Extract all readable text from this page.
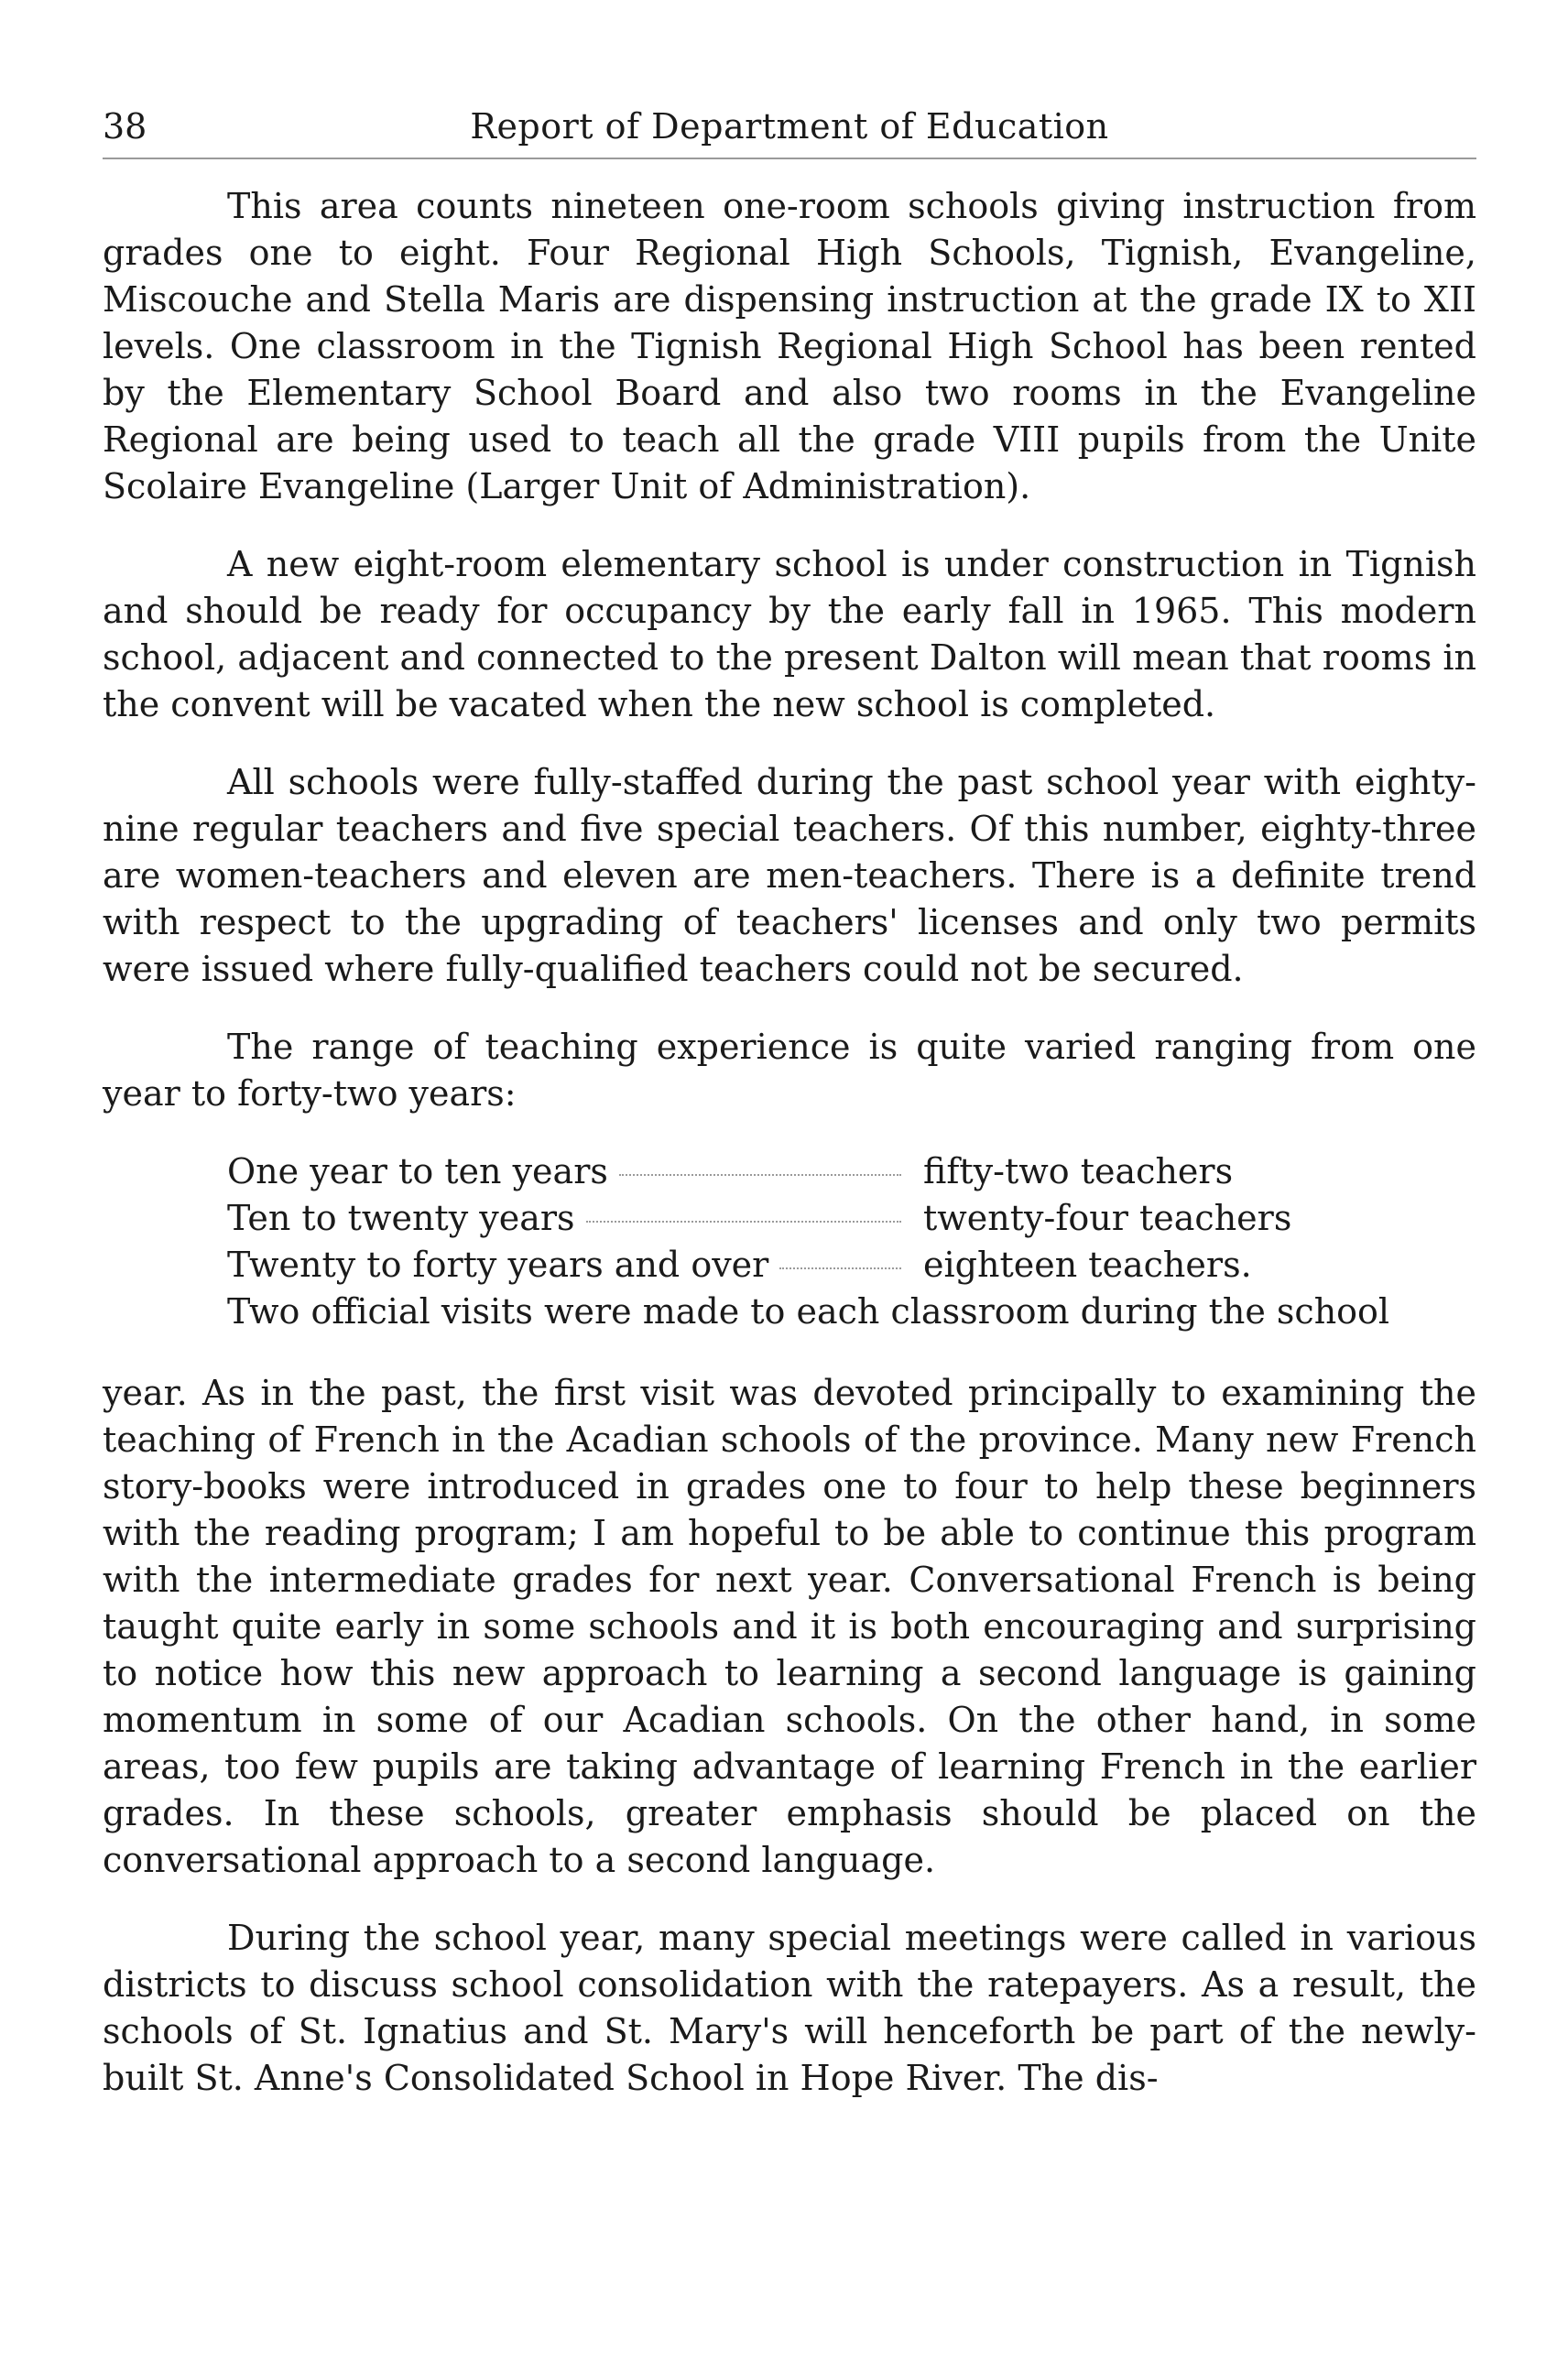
38	Report of Department of Education

This area counts nineteen one-room schools giving instruction from grades one to eight. Four Regional High Schools, Tignish, Evangeline, Miscouche and Stella Maris are dispensing instruction at the grade IX to XII levels. One classroom in the Tignish Regional High School has been rented by the Elementary School Board and also two rooms in the Evangeline Regional are being used to teach all the grade VIII pupils from the Unite Scolaire Evangeline (Larger Unit of Administration).

A new eight-room elementary school is under construction in Tignish and should be ready for occupancy by the early fall in 1965. This modern school, adjacent and connected to the present Dalton will mean that rooms in the convent will be vacated when the new school is completed.

All schools were fully-staffed during the past school year with eighty-nine regular teachers and five special teachers. Of this number, eighty-three are women-teachers and eleven are men-teachers. There is a definite trend with respect to the upgrading of teachers' licenses and only two permits were issued where fully-qualified teachers could not be secured.

The range of teaching experience is quite varied ranging from one year to forty-two years:

One year to ten years	fifty-two teachers
Ten to twenty years	twenty-four teachers
Twenty to forty years and over	eighteen teachers.

Two official visits were made to each classroom during the school

year. As in the past, the first visit was devoted principally to examining the teaching of French in the Acadian schools of the province. Many new French story-books were introduced in grades one to four to help these beginners with the reading program; I am hopeful to be able to continue this program with the intermediate grades for next year. Conversational French is being taught quite early in some schools and it is both encouraging and surprising to notice how this new approach to learning a second language is gaining momentum in some of our Acadian schools. On the other hand, in some areas, too few pupils are taking advantage of learning French in the earlier grades. In these schools, greater emphasis should be placed on the conversational approach to a second language.

During the school year, many special meetings were called in various districts to discuss school consolidation with the ratepayers. As a result, the schools of St. Ignatius and St. Mary's will henceforth be part of the newly-built St. Anne's Consolidated School in Hope River. The dis-
